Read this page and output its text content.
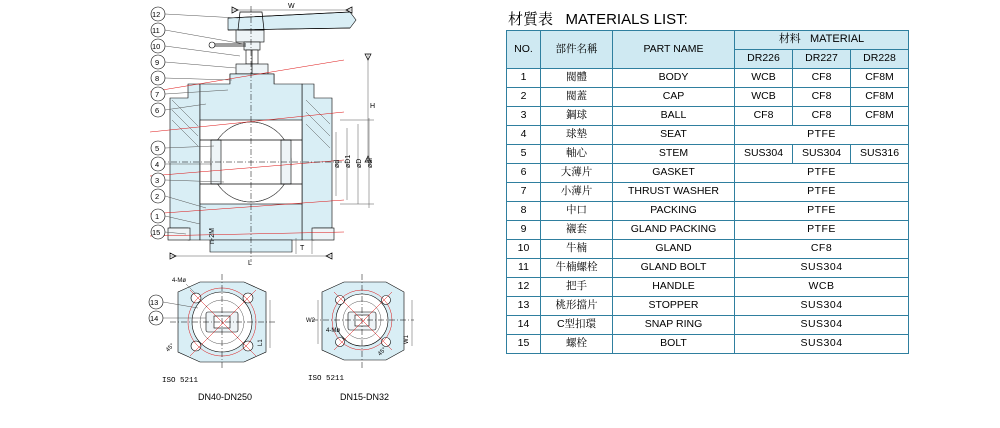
W
H
ød øD1 øD ødI
L
n-2M
T
12
11
10
9
8
7
6
5
4
3
2
1
15
4-Mø
45°
L1
ISO 5211
DN40-DN250
13
14	W2
4-Mø
45°
W1
ISO 5211
DN15-DN32
材質表 MATERIALS LIST:
NO.	部件名稱	PART NAME	材料 MATERIAL		
			DR226	DR227	DR228
1	閥體	BODY	WCB	CF8	CF8M
2	閥蓋	CAP	WCB	CF8	CF8M
3	鋼球	BALL	CF8	CF8	CF8M
4	球墊	SEAT	PTFE		
5	軸心	STEM	SUS304	SUS304	SUS316
6	大薄片	GASKET	PTFE		
7	小薄片	THRUST WASHER	PTFE		
8	中口	PACKING	PTFE		
9	襯套	GLAND PACKING	PTFE		
10	牛楠	GLAND	CF8		
11	牛楠螺栓	GLAND BOLT	SUS304		
12	把手	HANDLE	WCB		
13	桃形擋片	STOPPER	SUS304		
14	C型扣環	SNAP RING	SUS304		
15	螺栓	BOLT	SUS304		
